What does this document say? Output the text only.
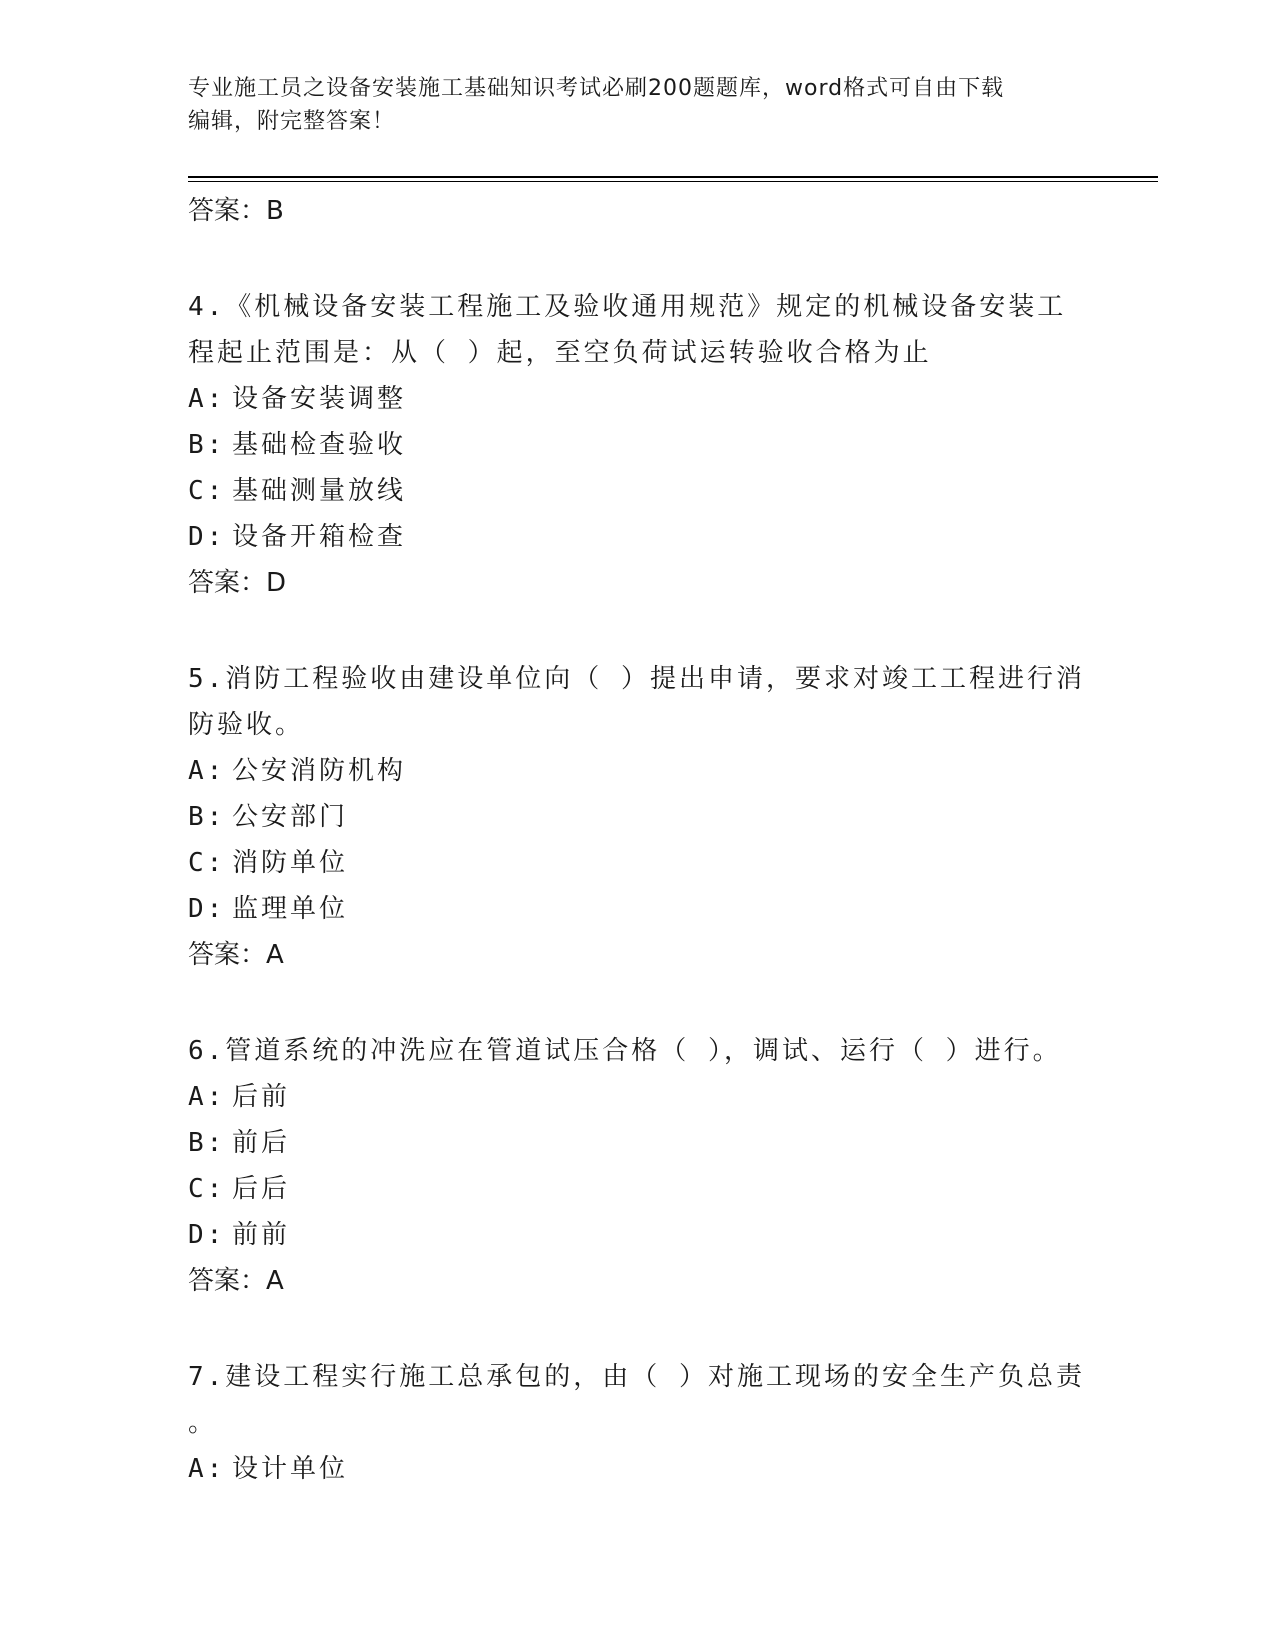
专业施工员之设备安装施工基础知识考试必刷200题题库，word格式可自由下载
编辑，附完整答案！
答案：B
4.《机械设备安装工程施工及验收通用规范》规定的机械设备安装工
程起止范围是：从（ ）起，至空负荷试运转验收合格为止
A: 设备安装调整
B: 基础检查验收
C: 基础测量放线
D: 设备开箱检查
答案：D
5.消防工程验收由建设单位向（ ）提出申请，要求对竣工工程进行消
防验收。
A: 公安消防机构
B: 公安部门
C: 消防单位
D: 监理单位
答案：A
6.管道系统的冲洗应在管道试压合格（ ），调试、运行（ ）进行。
A: 后前
B: 前后
C: 后后
D: 前前
答案：A
7.建设工程实行施工总承包的，由（ ）对施工现场的安全生产负总责
。
A: 设计单位
